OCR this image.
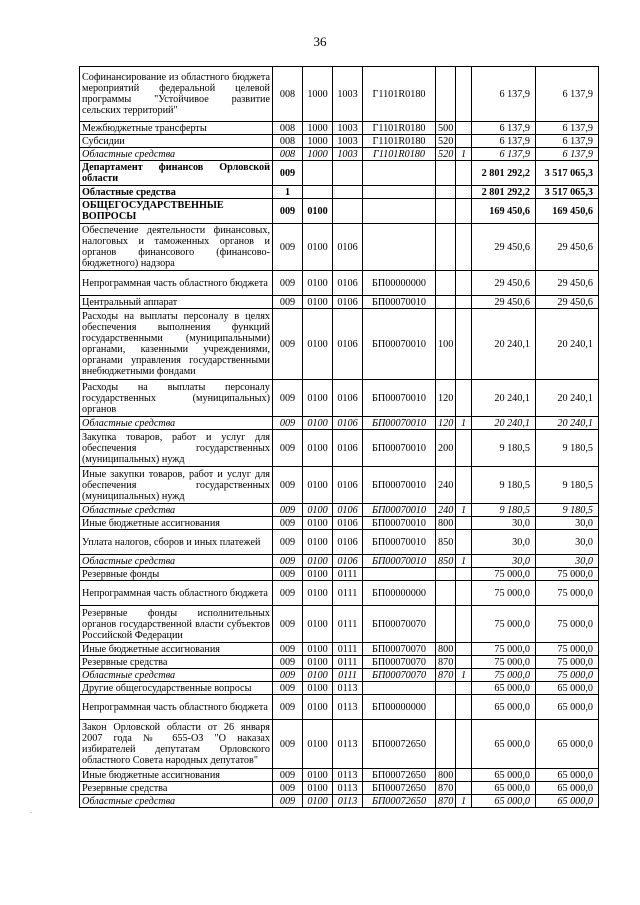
36
Софинансирование из областного бюджета мероприятий федеральной целевой программы "Устойчивое развитие сельских территорий"	008	1000	1003	Г1101R0180			6 137,9	6 137,9
Межбюджетные трансферты	008	1000	1003	Г1101R0180	500		6 137,9	6 137,9
Субсидии	008	1000	1003	Г1101R0180	520		6 137,9	6 137,9
Областные средства	008	1000	1003	Г1101R0180	520	1	6 137,9	6 137,9
Департамент финансов Орловской области	009						2 801 292,2	3 517 065,3
Областные средства	1						2 801 292,2	3 517 065,3
ОБЩЕГОСУДАРСТВЕННЫЕ ВОПРОСЫ	009	0100					169 450,6	169 450,6
Обеспечение деятельности финансовых, налоговых и таможенных органов и органов финансового (финансово-бюджетного) надзора	009	0100	0106				29 450,6	29 450,6
Непрограммная часть областного бюджета	009	0100	0106	БП00000000			29 450,6	29 450,6
Центральный аппарат	009	0100	0106	БП00070010			29 450,6	29 450,6
Расходы на выплаты персоналу в целях обеспечения выполнения функций государственными (муниципальными) органами, казенными учреждениями, органами управления государственными внебюджетными фондами	009	0100	0106	БП00070010	100		20 240,1	20 240,1
Расходы на выплаты персоналу государственных (муниципальных) органов	009	0100	0106	БП00070010	120		20 240,1	20 240,1
Областные средства	009	0100	0106	БП00070010	120	1	20 240,1	20 240,1
Закупка товаров, работ и услуг для обеспечения государственных (муниципальных) нужд	009	0100	0106	БП00070010	200		9 180,5	9 180,5
Иные закупки товаров, работ и услуг для обеспечения государственных (муниципальных) нужд	009	0100	0106	БП00070010	240		9 180,5	9 180,5
Областные средства	009	0100	0106	БП00070010	240	1	9 180,5	9 180,5
Иные бюджетные ассигнования	009	0100	0106	БП00070010	800		30,0	30,0
Уплата налогов, сборов и иных платежей	009	0100	0106	БП00070010	850		30,0	30,0
Областные средства	009	0100	0106	БП00070010	850	1	30,0	30,0
Резервные фонды	009	0100	0111				75 000,0	75 000,0
Непрограммная часть областного бюджета	009	0100	0111	БП00000000			75 000,0	75 000,0
Резервные фонды исполнительных органов государственной власти субъектов Российской Федерации	009	0100	0111	БП00070070			75 000,0	75 000,0
Иные бюджетные ассигнования	009	0100	0111	БП00070070	800		75 000,0	75 000,0
Резервные средства	009	0100	0111	БП00070070	870		75 000,0	75 000,0
Областные средства	009	0100	0111	БП00070070	870	1	75 000,0	75 000,0
Другие общегосударственные вопросы	009	0100	0113				65 000,0	65 000,0
Непрограммная часть областного бюджета	009	0100	0113	БП00000000			65 000,0	65 000,0
Закон Орловской области от 26 января 2007 года № 655-ОЗ "О наказах избирателей депутатам Орловского областного Совета народных депутатов"	009	0100	0113	БП00072650			65 000,0	65 000,0
Иные бюджетные ассигнования	009	0100	0113	БП00072650	800		65 000,0	65 000,0
Резервные средства	009	0100	0113	БП00072650	870		65 000,0	65 000,0
Областные средства	009	0100	0113	БП00072650	870	1	65 000,0	65 000,0
.
